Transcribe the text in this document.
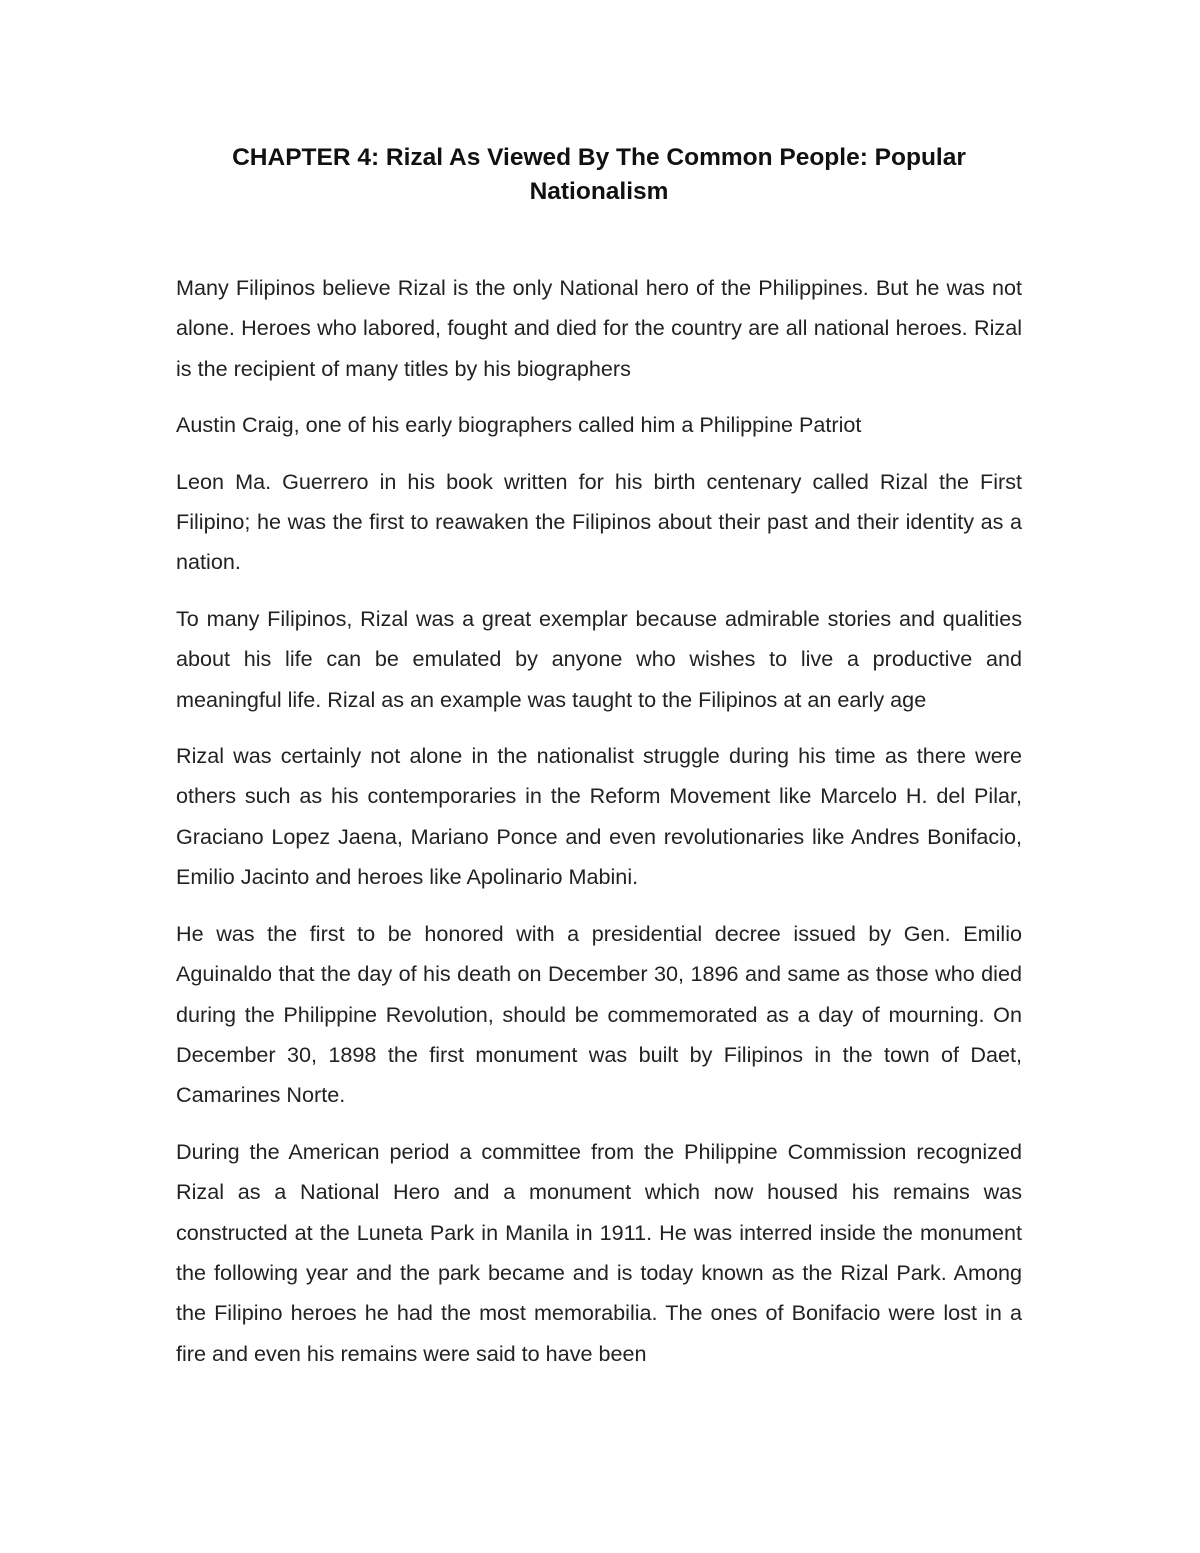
CHAPTER 4: Rizal As Viewed By The Common People: Popular Nationalism

Many Filipinos believe Rizal is the only National hero of the Philippines. But he was not alone. Heroes who labored, fought and died for the country are all national heroes. Rizal is the recipient of many titles by his biographers

Austin Craig, one of his early biographers called him a Philippine Patriot

Leon Ma. Guerrero in his book written for his birth centenary called Rizal the First Filipino; he was the first to reawaken the Filipinos about their past and their identity as a nation.

To many Filipinos, Rizal was a great exemplar because admirable stories and qualities about his life can be emulated by anyone who wishes to live a productive and meaningful life. Rizal as an example was taught to the Filipinos at an early age

Rizal was certainly not alone in the nationalist struggle during his time as there were others such as his contemporaries in the Reform Movement like Marcelo H. del Pilar, Graciano Lopez Jaena, Mariano Ponce and even revolutionaries like Andres Bonifacio, Emilio Jacinto and heroes like Apolinario Mabini.

He was the first to be honored with a presidential decree issued by Gen. Emilio Aguinaldo that the day of his death on December 30, 1896 and same as those who died during the Philippine Revolution, should be commemorated as a day of mourning. On December 30, 1898 the first monument was built by Filipinos in the town of Daet, Camarines Norte.

During the American period a committee from the Philippine Commission recognized Rizal as a National Hero and a monument which now housed his remains was constructed at the Luneta Park in Manila in 1911. He was interred inside the monument the following year and the park became and is today known as the Rizal Park. Among the Filipino heroes he had the most memorabilia. The ones of Bonifacio were lost in a fire and even his remains were said to have been
